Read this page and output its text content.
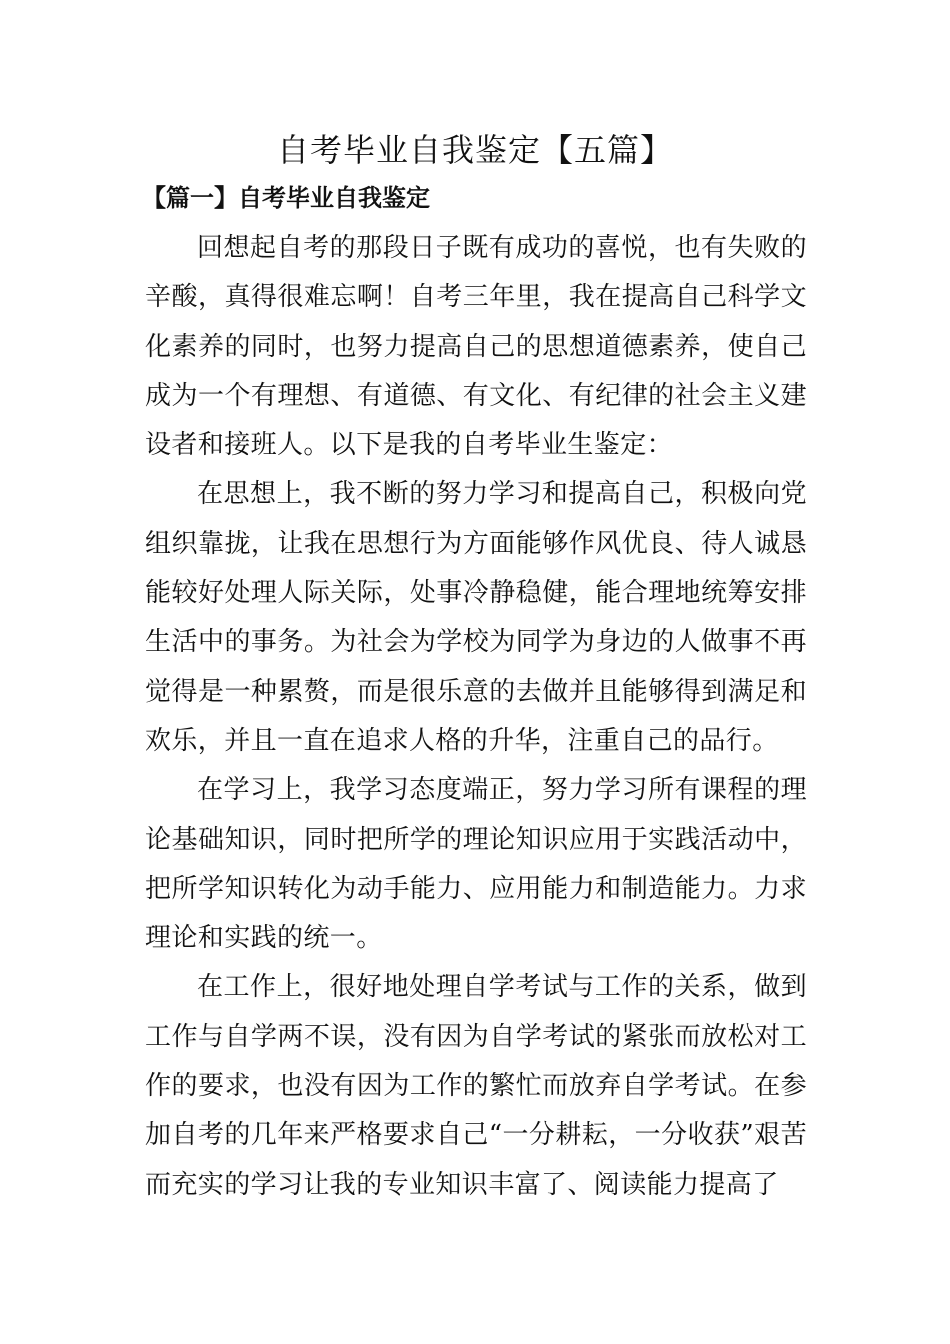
自考毕业自我鉴定【五篇】
【篇一】自考毕业自我鉴定

回想起自考的那段日子既有成功的喜悦，也有失败的辛酸，真得很难忘啊！自考三年里，我在提高自己科学文化素养的同时，也努力提高自己的思想道德素养，使自己成为一个有理想、有道德、有文化、有纪律的社会主义建设者和接班人。以下是我的自考毕业生鉴定：

在思想上，我不断的努力学习和提高自己，积极向党组织靠拢，让我在思想行为方面能够作风优良、待人诚恳能较好处理人际关际，处事冷静稳健，能合理地统筹安排生活中的事务。为社会为学校为同学为身边的人做事不再觉得是一种累赘，而是很乐意的去做并且能够得到满足和欢乐，并且一直在追求人格的升华，注重自己的品行。

在学习上，我学习态度端正，努力学习所有课程的理论基础知识，同时把所学的理论知识应用于实践活动中，把所学知识转化为动手能力、应用能力和制造能力。力求理论和实践的统一。

在工作上，很好地处理自学考试与工作的关系，做到工作与自学两不误，没有因为自学考试的紧张而放松对工作的要求，也没有因为工作的繁忙而放弃自学考试。在参加自考的几年来严格要求自己“一分耕耘，一分收获”艰苦而充实的学习让我的专业知识丰富了、阅读能力提高了
